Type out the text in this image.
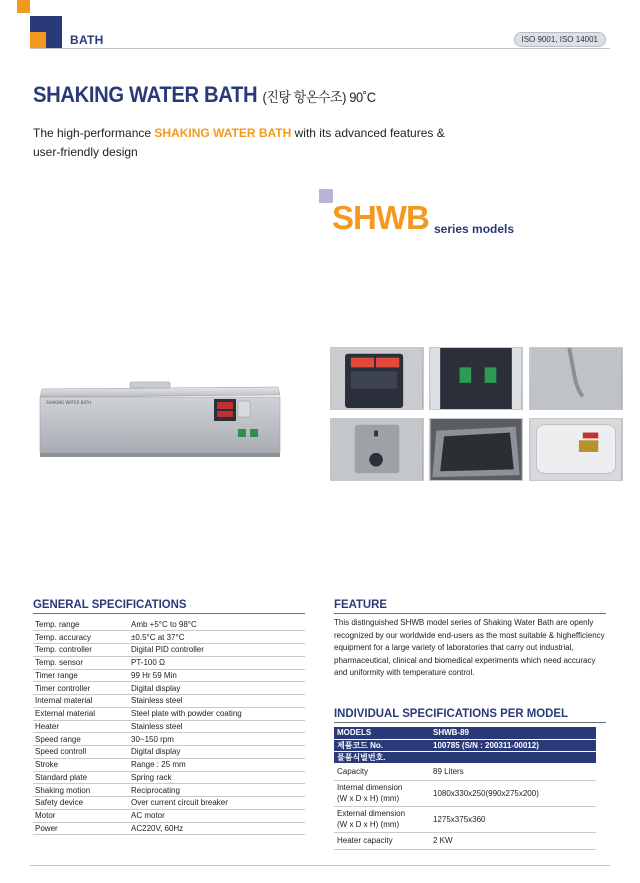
BATH	ISO 9001, ISO 14001
SHAKING WATER BATH (진탕 항온수조) 90˚C
The high-performance SHAKING WATER BATH with its advanced features & user-friendly design
SHWB series models
SHAKING WATER BATH
GENERAL SPECIFICATIONS
Temp. range	Amb +5°C to 98°C
Temp. accuracy	±0.5°C at 37°C
Temp. controller	Digital PID controller
Temp. sensor	PT-100 Ω
Timer range	99 Hr 59 Min
Timer controller	Digital display
Internal material	Stainless steel
External material	Steel plate with powder coating
Heater	Stainless steel
Speed range	30~150 rpm
Speed controll	Digital display
Stroke	Range : 25 mm
Standard plate	Spring rack
Shaking motion	Reciprocating
Safety device	Over current circuit breaker
Motor	AC motor
Power	AC220V, 60Hz
FEATURE
This distinguished SHWB model series of Shaking Water Bath are openly recognized by our worldwide end-users as the most suitable & highefficiency equipment for a large variety of laboratories that carry out industrial, pharmaceutical, clinical and biomedical experiments which need accuracy and uniformity with temperature control.
INDIVIDUAL SPECIFICATIONS PER MODEL
MODELS	SHWB-89
제품코드 No.	100785 (S/N : 200311-00012)
물품식별번호.	
Capacity	89 Liters
Internal dimension
(W x D x H) (mm)	1080x330x250(990x275x200)
External dimension
(W x D x H) (mm)	1275x375x360
Heater capacity	2 KW
